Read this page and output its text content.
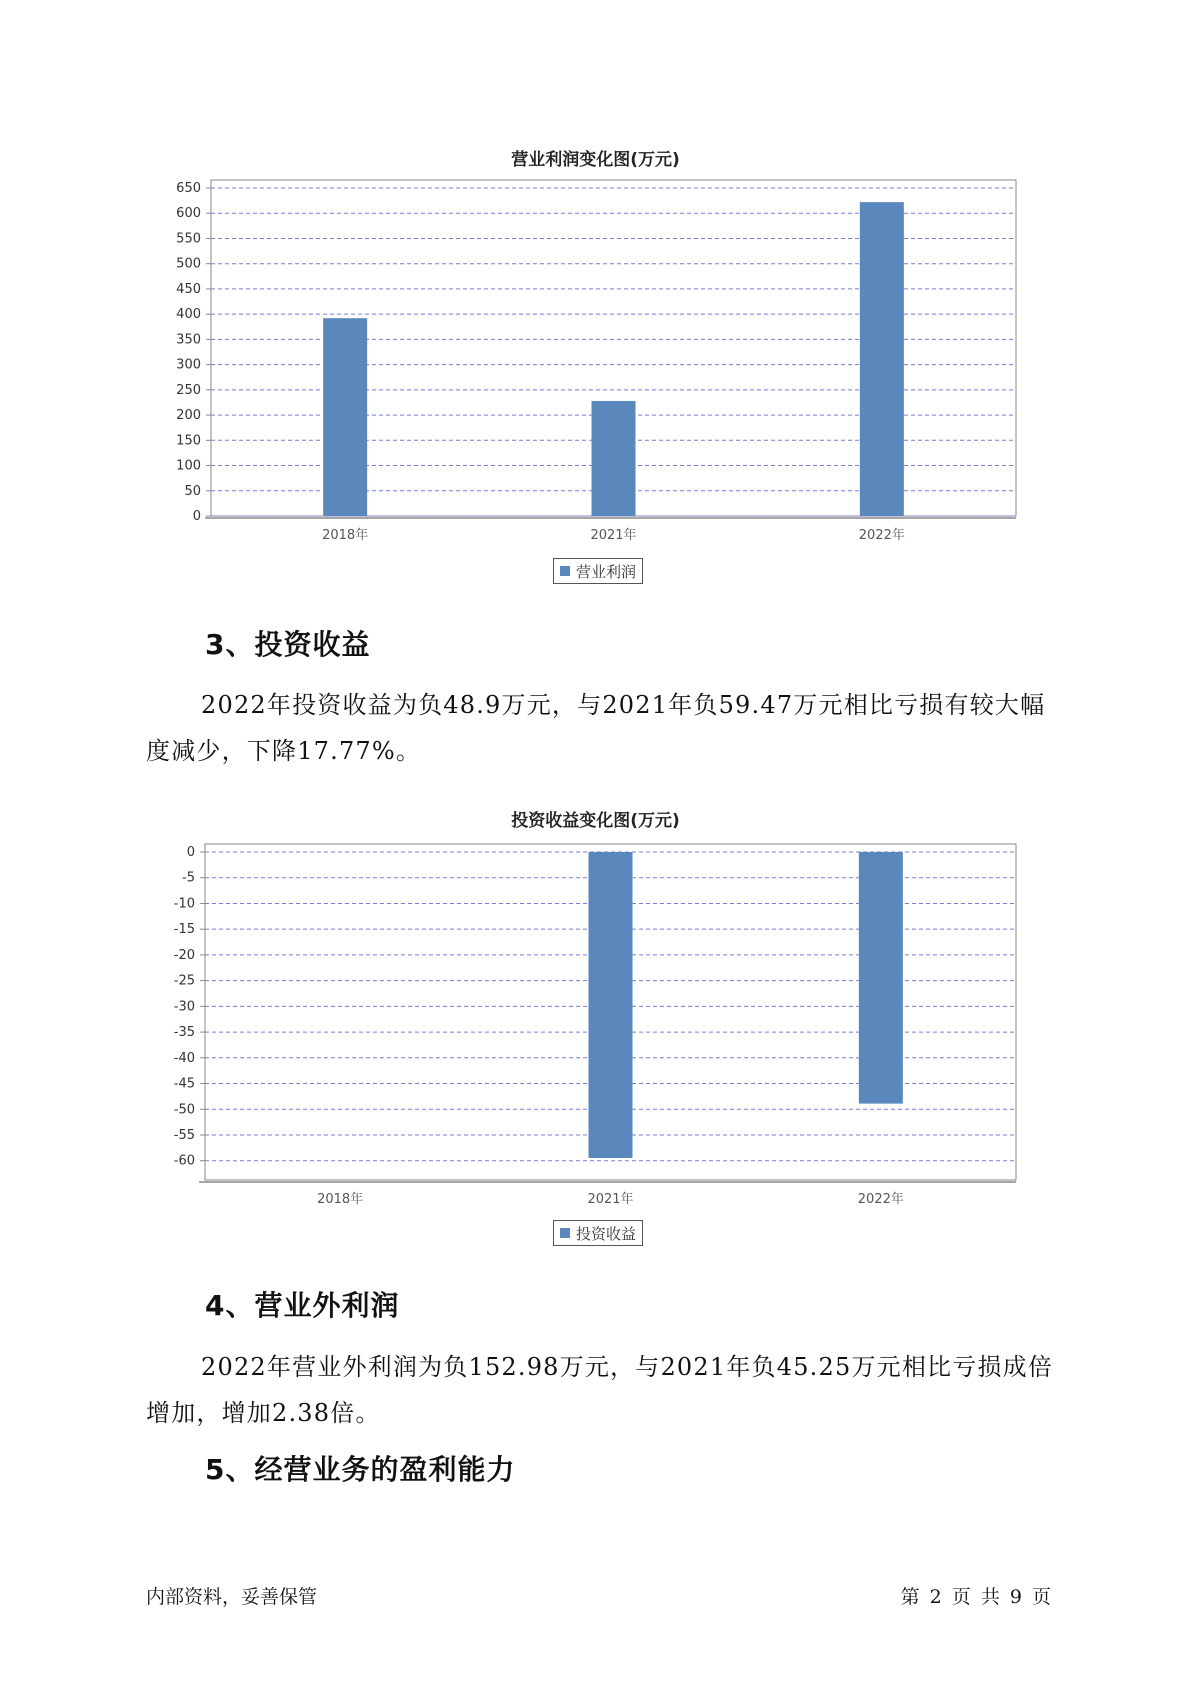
营业利润变化图(万元)
0
50
100
150
200
250
300
350
400
450
500
550
600
650
2018年	2021年	2022年
营业利润
3、投资收益

2022年投资收益为负48.9万元，与2021年负59.47万元相比亏损有较大幅度减少，下降17.77%。

投资收益变化图(万元)
0
-5
-10
-15
-20
-25
-30
-35
-40
-45
-50
-55
-60
2018年	2021年	2022年
投资收益
4、营业外利润

2022年营业外利润为负152.98万元，与2021年负45.25万元相比亏损成倍增加，增加2.38倍。

5、经营业务的盈利能力
内部资料，妥善保管	第 2 页 共 9 页
